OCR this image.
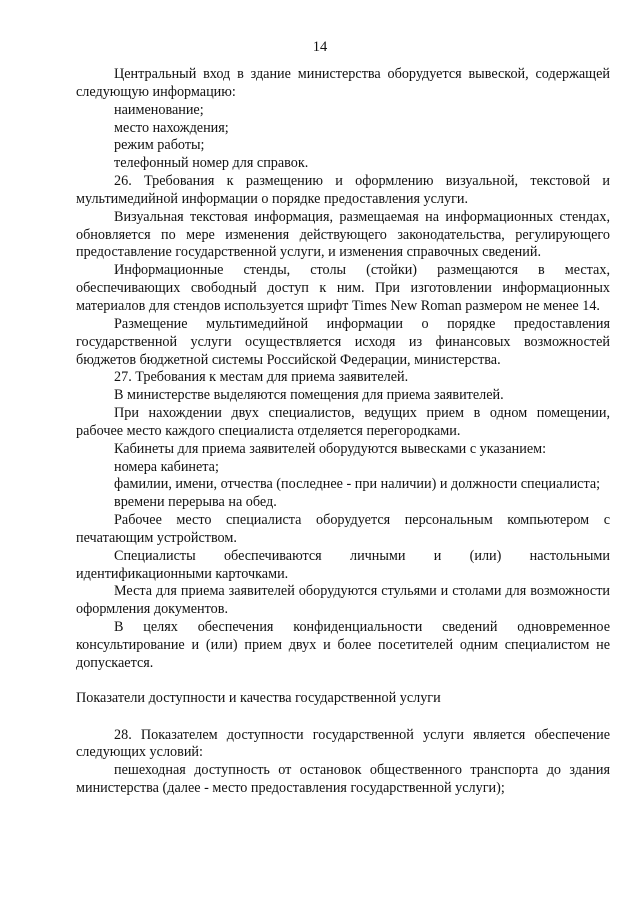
14

Центральный вход в здание министерства оборудуется вывеской, содержащей следующую информацию:

наименование;

место нахождения;

режим работы;

телефонный номер для справок.

26. Требования к размещению и оформлению визуальной, текстовой и мультимедийной информации о порядке предоставления услуги.

Визуальная текстовая информация, размещаемая на информационных стендах, обновляется по мере изменения действующего законодательства, регулирующего предоставление государственной услуги, и изменения справочных сведений.

Информационные стенды, столы (стойки) размещаются в местах, обеспечивающих свободный доступ к ним. При изготовлении информационных материалов для стендов используется шрифт Times New Roman размером не менее 14.

Размещение мультимедийной информации о порядке предоставления государственной услуги осуществляется исходя из финансовых возможностей бюджетов бюджетной системы Российской Федерации, министерства.

27. Требования к местам для приема заявителей.

В министерстве выделяются помещения для приема заявителей.

При нахождении двух специалистов, ведущих прием в одном помещении, рабочее место каждого специалиста отделяется перегородками.

Кабинеты для приема заявителей оборудуются вывесками с указанием:

номера кабинета;

фамилии, имени, отчества (последнее - при наличии) и должности специалиста;

времени перерыва на обед.

Рабочее место специалиста оборудуется персональным компьютером с печатающим устройством.

Специалисты обеспечиваются личными и (или) настольными идентификационными карточками.

Места для приема заявителей оборудуются стульями и столами для возможности оформления документов.

В целях обеспечения конфиденциальности сведений одновременное консультирование и (или) прием двух и более посетителей одним специалистом не допускается.

Показатели доступности и качества государственной услуги

28. Показателем доступности государственной услуги является обеспечение следующих условий:

пешеходная доступность от остановок общественного транспорта до здания министерства (далее - место предоставления государственной услуги);
